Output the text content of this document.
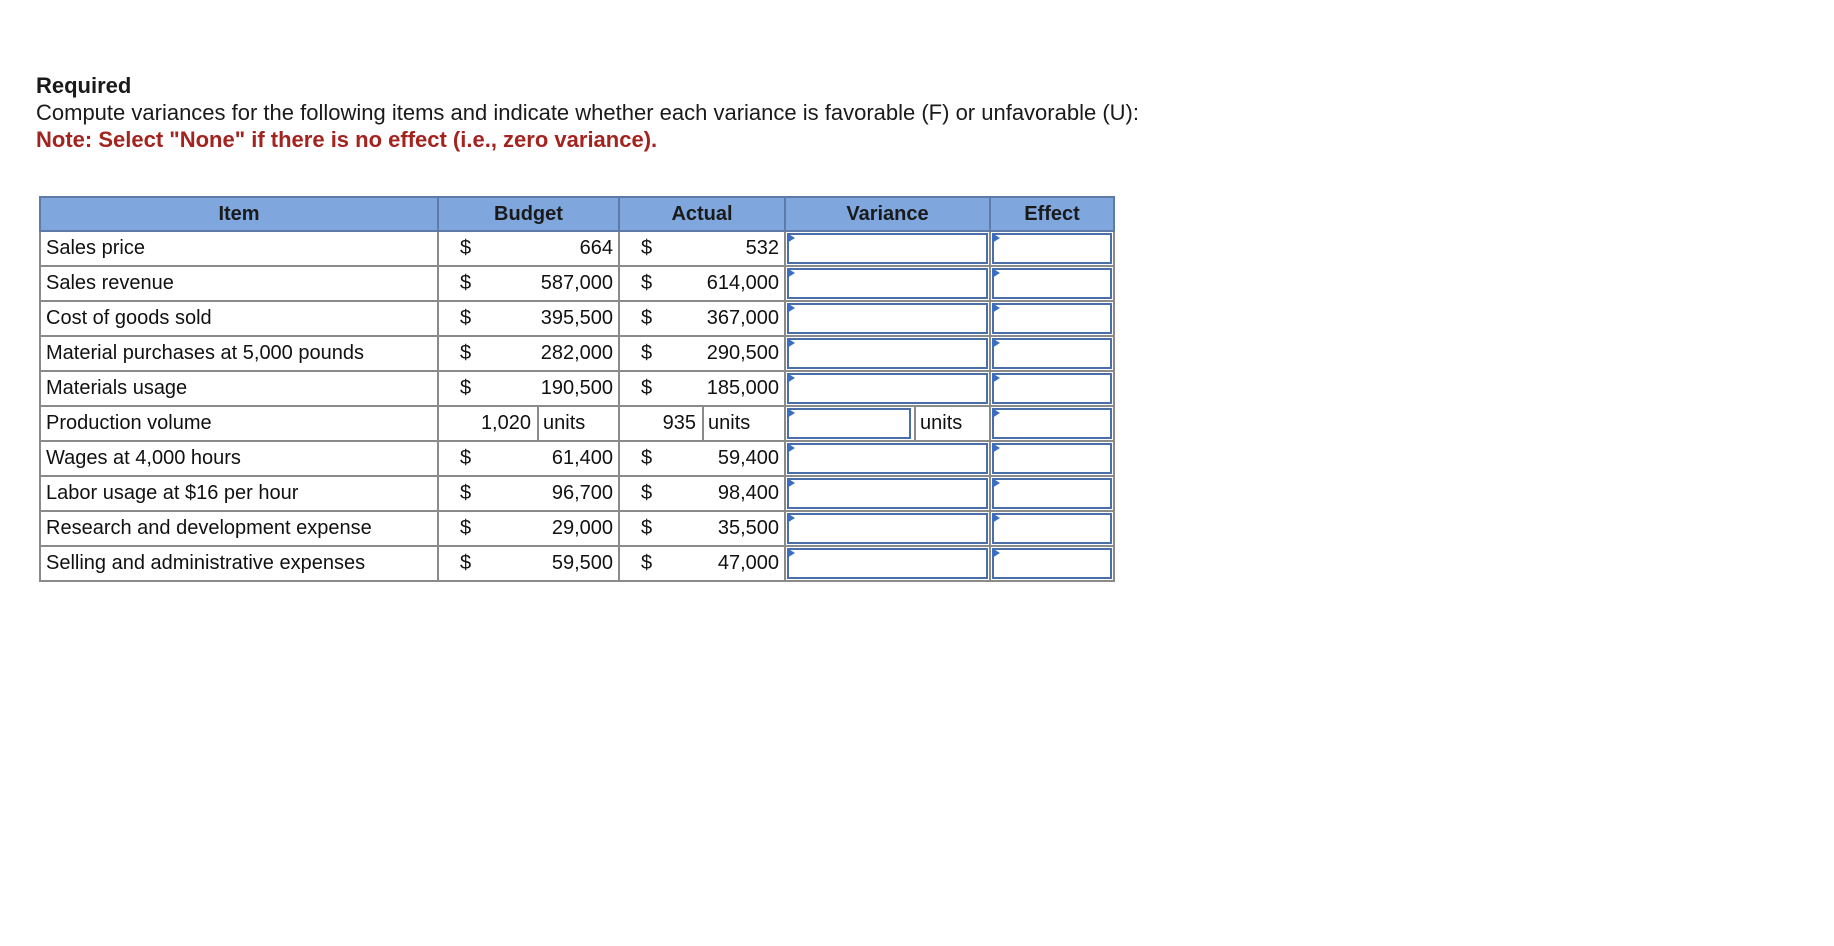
Required
Compute variances for the following items and indicate whether each variance is favorable (F) or unfavorable (U):
Note: Select "None" if there is no effect (i.e., zero variance).
Item	Budget		Actual		Variance	Effect
Sales price	$	664	$	532	

Sales revenue	$	587,000	$	614,000	

Cost of goods sold	$	395,500	$	367,000	

Material purchases at 5,000 pounds	$	282,000	$	290,500	

Materials usage	$	190,500	$	185,000	

Production volume	1,020 units		935 units		units	

Wages at 4,000 hours	$	61,400	$	59,400	

Labor usage at $16 per hour	$	96,700	$	98,400	

Research and development expense	$	29,000	$	35,500	

Selling and administrative expenses	$	59,500	$	47,000	
